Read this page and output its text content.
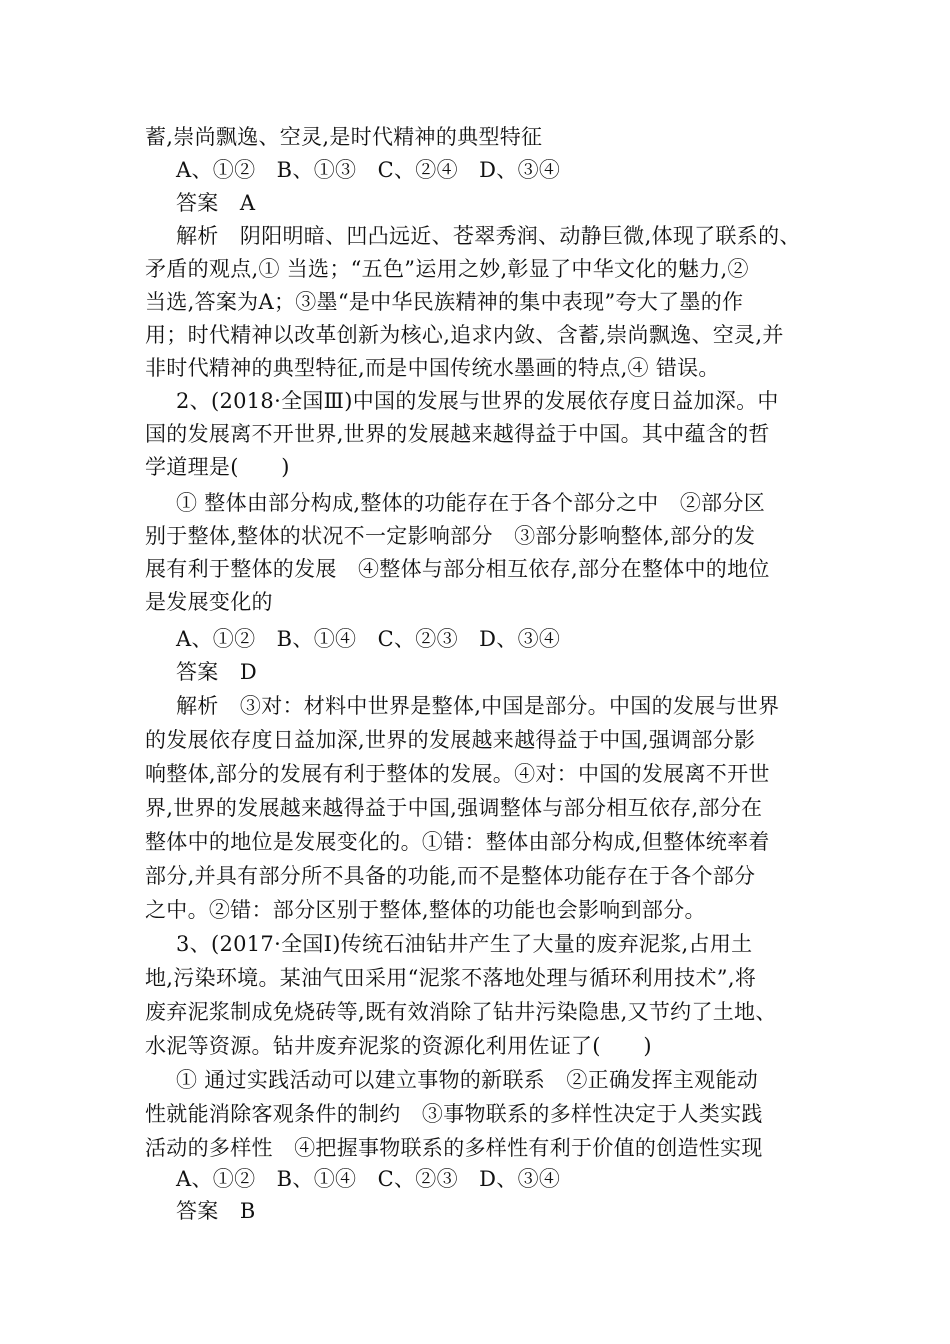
蓄,崇尚飘逸、空灵,是时代精神的典型特征
A、①②　B、①③　C、②④　D、③④
答案　A
解析　阴阳明暗、凹凸远近、苍翠秀润、动静巨微,体现了联系的、
矛盾的观点,① 当选；“五色”运用之妙,彰显了中华文化的魅力,②
当选,答案为A；③墨“是中华民族精神的集中表现”夸大了墨的作
用；时代精神以改革创新为核心,追求内敛、含蓄,崇尚飘逸、空灵,并
非时代精神的典型特征,而是中国传统水墨画的特点,④ 错误。
2、(2018·全国Ⅲ)中国的发展与世界的发展依存度日益加深。中
国的发展离不开世界,世界的发展越来越得益于中国。其中蕴含的哲
学道理是(　　)
① 整体由部分构成,整体的功能存在于各个部分之中　②部分区
别于整体,整体的状况不一定影响部分　③部分影响整体,部分的发
展有利于整体的发展　④整体与部分相互依存,部分在整体中的地位
是发展变化的
A、①②　B、①④　C、②③　D、③④
答案　D
解析　③对：材料中世界是整体,中国是部分。中国的发展与世界
的发展依存度日益加深,世界的发展越来越得益于中国,强调部分影
响整体,部分的发展有利于整体的发展。④对：中国的发展离不开世
界,世界的发展越来越得益于中国,强调整体与部分相互依存,部分在
整体中的地位是发展变化的。①错：整体由部分构成,但整体统率着
部分,并具有部分所不具备的功能,而不是整体功能存在于各个部分
之中。②错：部分区别于整体,整体的功能也会影响到部分。
3、(2017·全国Ⅰ)传统石油钻井产生了大量的废弃泥浆,占用土
地,污染环境。某油气田采用“泥浆不落地处理与循环利用技术”,将
废弃泥浆制成免烧砖等,既有效消除了钻井污染隐患,又节约了土地、
水泥等资源。钻井废弃泥浆的资源化利用佐证了(　　)
① 通过实践活动可以建立事物的新联系　②正确发挥主观能动
性就能消除客观条件的制约　③事物联系的多样性决定于人类实践
活动的多样性　④把握事物联系的多样性有利于价值的创造性实现
A、①②　B、①④　C、②③　D、③④
答案　B
